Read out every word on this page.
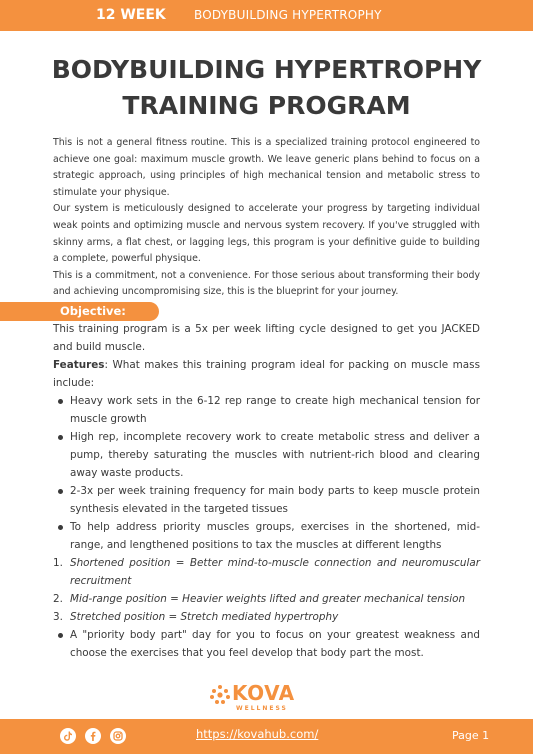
12 WEEK BODYBUILDING HYPERTROPHY
BODYBUILDING HYPERTROPHY
TRAINING PROGRAM

This is not a general fitness routine. This is a specialized training protocol engineered to achieve one goal: maximum muscle growth. We leave generic plans behind to focus on a strategic approach, using principles of high mechanical tension and metabolic stress to stimulate your physique.

Our system is meticulously designed to accelerate your progress by targeting individual weak points and optimizing muscle and nervous system recovery. If you've struggled with skinny arms, a flat chest, or lagging legs, this program is your definitive guide to building a complete, powerful physique.

This is a commitment, not a convenience. For those serious about transforming their body and achieving uncompromising size, this is the blueprint for your journey.

Objective:

This training program is a 5x per week lifting cycle designed to get you JACKED and build muscle.

Features: What makes this training program ideal for packing on muscle mass include:

Heavy work sets in the 6-12 rep range to create high mechanical tension for muscle growth
High rep, incomplete recovery work to create metabolic stress and deliver a pump, thereby saturating the muscles with nutrient-rich blood and clearing away waste products.
2-3x per week training frequency for main body parts to keep muscle protein synthesis elevated in the targeted tissues
To help address priority muscles groups, exercises in the shortened, mid-range, and lengthened positions to tax the muscles at different lengths
1. Shortened position = Better mind-to-muscle connection and neuromuscular recruitment
2. Mid-range position = Heavier weights lifted and greater mechanical tension
3. Stretched position = Stretch mediated hypertrophy
A "priority body part" day for you to focus on your greatest weakness and choose the exercises that you feel develop that body part the most.
KOVA
WELLNESS
https://kovahub.com/	Page 1
